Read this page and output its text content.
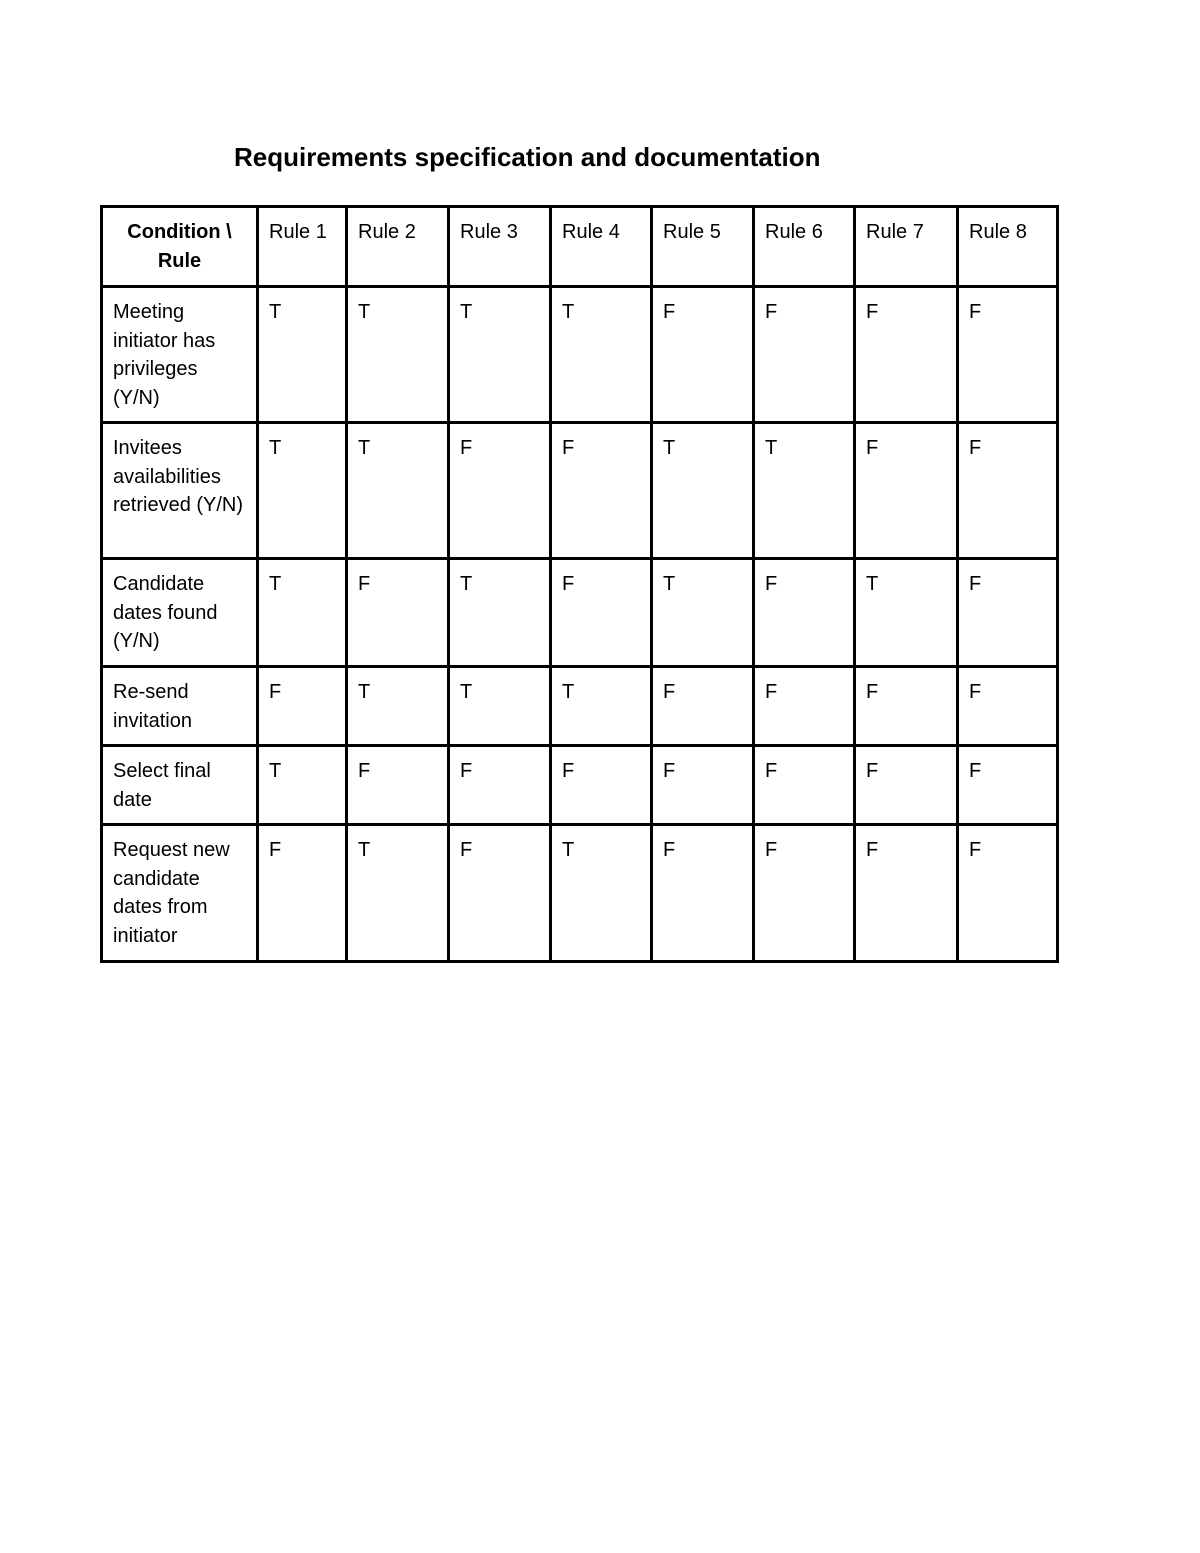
Requirements specification and documentation
Condition \ Rule	Rule 1	Rule 2	Rule 3	Rule 4	Rule 5	Rule 6	Rule 7	Rule 8
Meeting initiator has privileges (Y/N)	T	T	T	T	F	F	F	F
Invitees availabilities retrieved (Y/N)	T	T	F	F	T	T	F	F
Candidate dates found (Y/N)	T	F	T	F	T	F	T	F
Re-send invitation	F	T	T	T	F	F	F	F
Select final date	T	F	F	F	F	F	F	F
Request new candidate dates from initiator	F	T	F	T	F	F	F	F
